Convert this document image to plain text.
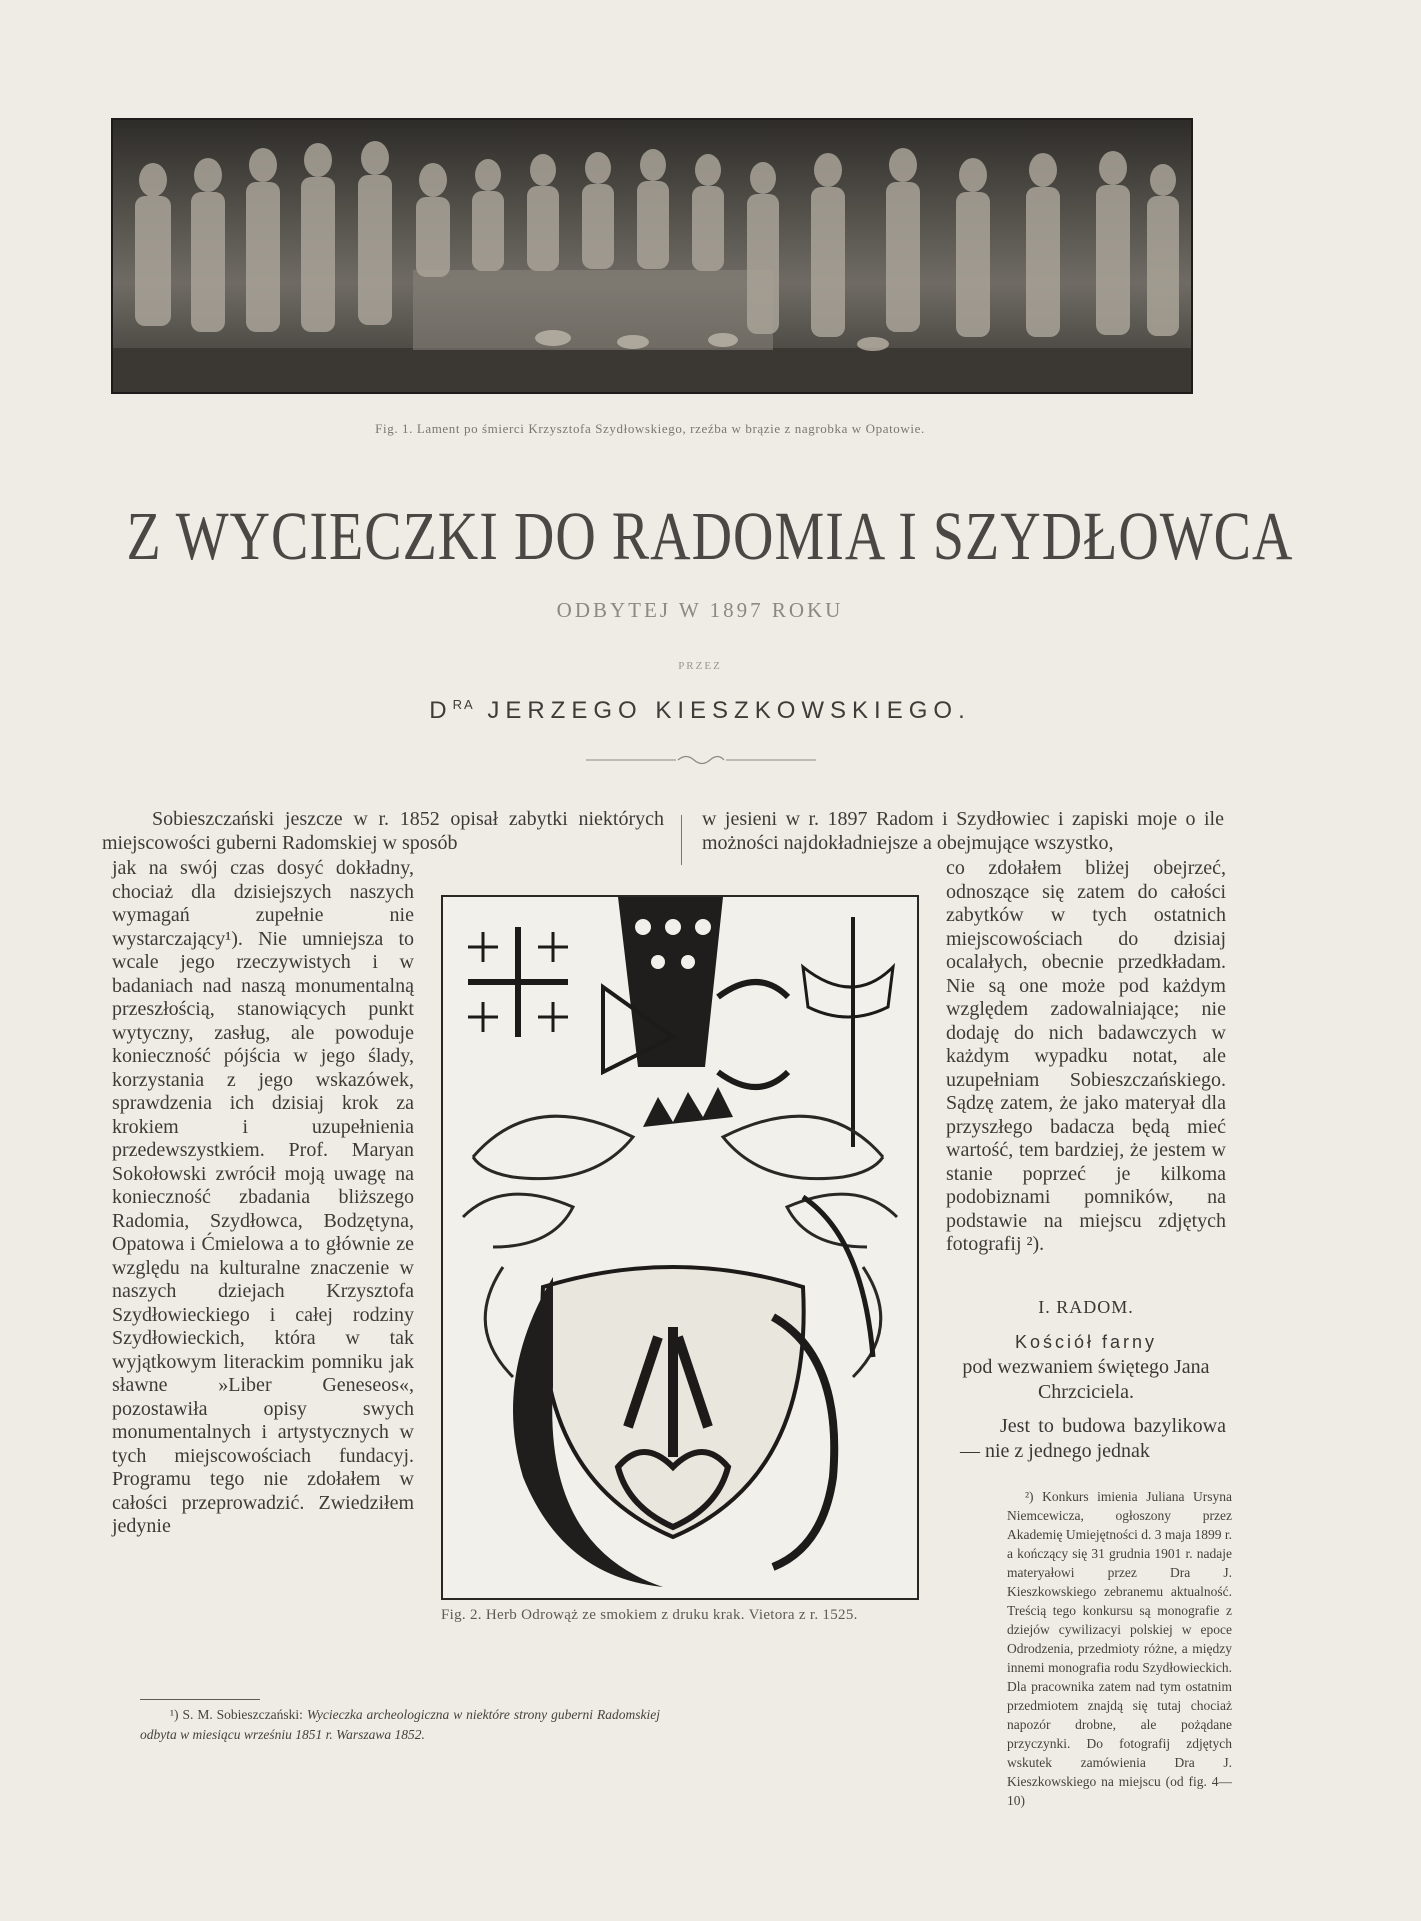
Fig. 1. Lament po śmierci Krzysztofa Szydłowskiego, rzeźba w brązie z nagrobka w Opatowie.
Z WYCIECZKI DO RADOMIA I SZYDŁOWCA
ODBYTEJ W 1897 ROKU
PRZEZ
$D^{RA}$ JERZEGO KIESZKOWSKIEGO.

Sobieszczański jeszcze w r. 1852 opisał zabytki niektórych miejscowości guberni Radomskiej w sposób

w jesieni w r. 1897 Radom i Szydłowiec i zapiski moje o ile możności najdokładniejsze a obejmujące wszystko,

jak na swój czas dosyć dokładny, chociaż dla dzisiejszych naszych wymagań zupełnie nie wystarczający¹). Nie umniejsza to wcale jego rzeczywistych i w badaniach nad naszą monumentalną przeszłością, stanowiących punkt wytyczny, zasług, ale powoduje konieczność pójścia w jego ślady, korzystania z jego wskazówek, sprawdzenia ich dzisiaj krok za krokiem i uzupełnienia przedewszystkiem. Prof. Maryan Sokołowski zwrócił moją uwagę na konieczność zbadania bliższego Radomia, Szydłowca, Bodzętyna, Opatowa i Ćmielowa a to głównie ze względu na kulturalne znaczenie w naszych dziejach Krzysztofa Szydłowieckiego i całej rodziny Szydłowieckich, która w tak wyjątkowym literackim pomniku jak sławne »Liber Geneseos«, pozostawiła opisy swych monumentalnych i artystycznych w tych miejscowościach fundacyj. Programu tego nie zdołałem w całości przeprowadzić. Zwiedziłem jedynie

Fig. 2. Herb Odrowąż ze smokiem z druku krak. Vietora z r. 1525.

co zdołałem bliżej obejrzeć, odnoszące się zatem do całości zabytków w tych ostatnich miejscowościach do dzisiaj ocalałych, obecnie przedkładam. Nie są one może pod każdym względem zadowalniające; nie dodaję do nich badawczych w każdym wypadku notat, ale uzupełniam Sobieszczańskiego. Sądzę zatem, że jako materyał dla przyszłego badacza będą mieć wartość, tem bardziej, że jestem w stanie poprzeć je kilkoma podobiznami pomników, na podstawie na miejscu zdjętych fotografij ²).

I. RADOM.
Kościół farny
pod wezwaniem świętego Jana Chrzciciela.

Jest to budowa bazylikowa — nie z jednego jednak

²) Konkurs imienia Juliana Ursyna Niemcewicza, ogłoszony przez Akademię Umiejętności d. 3 maja 1899 r. a kończący się 31 grudnia 1901 r. nadaje materyałowi przez Dra J. Kieszkowskiego zebranemu aktualność. Treścią tego konkursu są monografie z dziejów cywilizacyi polskiej w epoce Odrodzenia, przedmioty różne, a między innemi monografia rodu Szydłowieckich. Dla pracownika zatem nad tym ostatnim przedmiotem znajdą się tutaj chociaż napozór drobne, ale pożądane przyczynki. Do fotografij zdjętych wskutek zamówienia Dra J. Kieszkowskiego na miejscu (od fig. 4—10)

¹) S. M. Sobieszczański: Wycieczka archeologiczna w niektóre strony guberni Radomskiej odbyta w miesiącu wrześniu 1851 r. Warszawa 1852.
